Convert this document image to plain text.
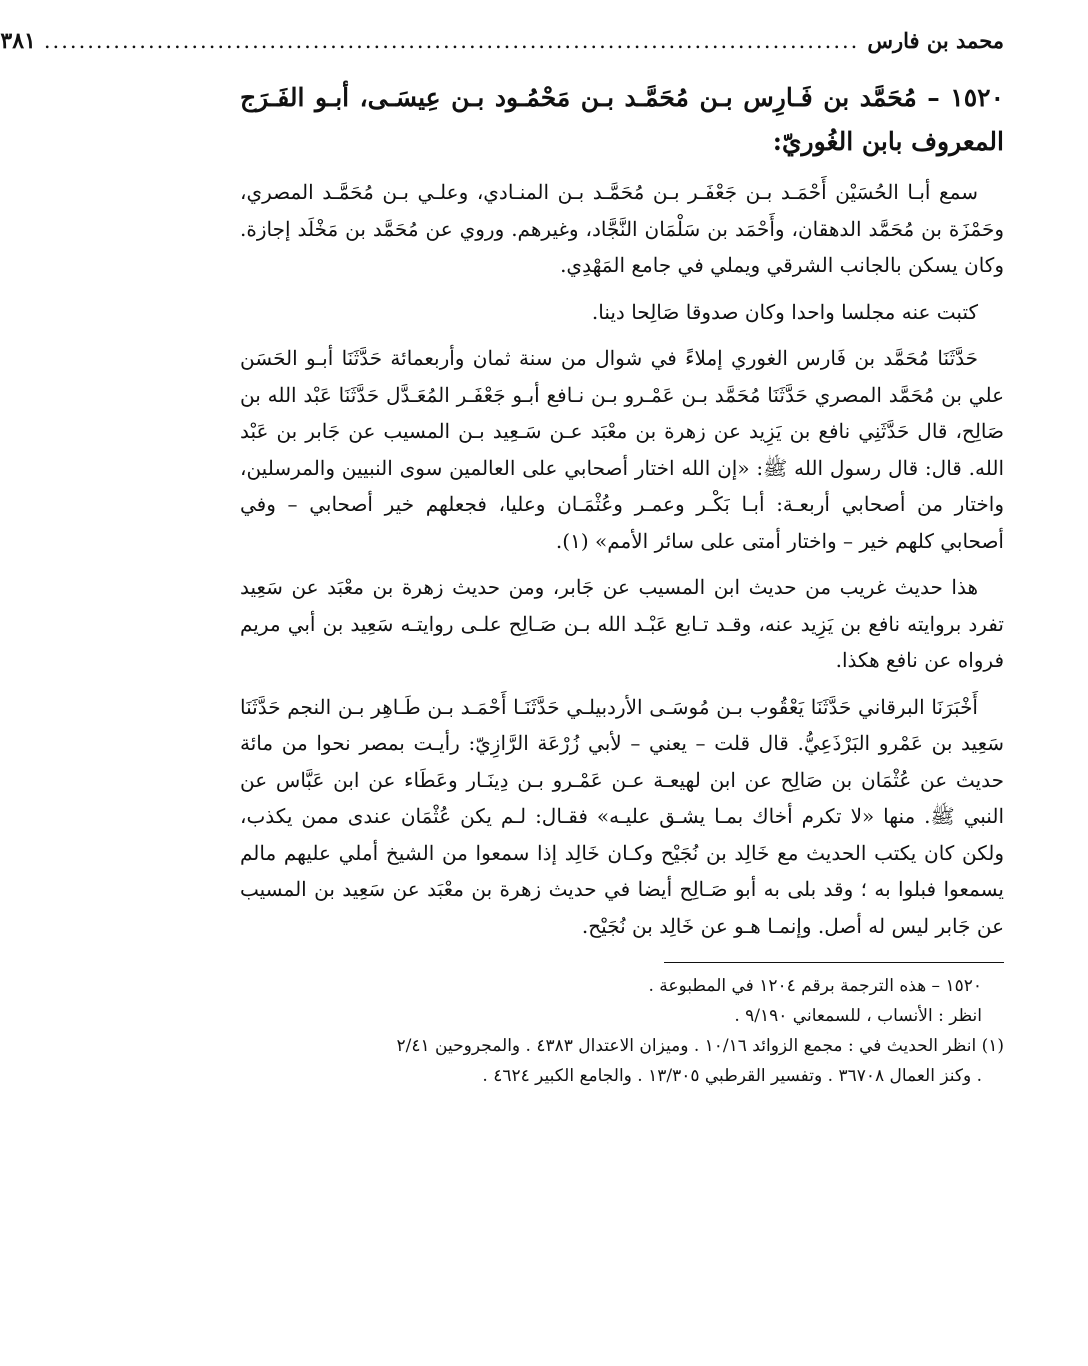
محمد بن فارس
..............................................................................................
٣٨١
١٥٢٠ – مُحَمَّد بن فَـارِس بـن مُحَمَّـد بـن مَحْمُـود بـن عِيسَـى، أبـو الفَـرَج المعروف بابن الغُوريّ:

سمع أبـا الحُسَيْن أَحْمَـد بـن جَعْفَـر بـن مُحَمَّـد بـن المنـادي، وعلـي بـن مُحَمَّـد المصري، وحَمْزَة بن مُحَمَّد الدهقان، وأَحْمَد بن سَلْمَان النَّجَّاد، وغيرهم. وروي عن مُحَمَّد بن مَخْلَد إجازة. وكان يسكن بالجانب الشرقي ويملي في جامع المَهْدِي.

كتبت عنه مجلسا واحدا وكان صدوقا صَالِحا دينا.

حَدَّثَنَا مُحَمَّد بن فَارس الغوري إملاءً في شوال من سنة ثمان وأربعمائة حَدَّثَنَا أبـو الحَسَن علي بن مُحَمَّد المصري حَدَّثَنَا مُحَمَّد بـن عَمْـرو بـن نـافع أبـو جَعْفَـر المُعَـدَّل حَدَّثَنَا عَبْد الله بن صَالِح، قال حَدَّثَنِي نافع بن يَزِيد عن زهرة بن معْبَد عـن سَـعِيد بـن المسيب عن جَابر بن عَبْد الله. قال: قال رسول الله ﷺ: «إن الله اختار أصحابي على العالمين سوى النبيين والمرسلين، واختار من أصحابي أربعـة: أبـا بَكْـر وعمـر وعُثْمَـان وعليا، فجعلهم خير أصحابي – وفي أصحابي كلهم خير – واختار أمتى على سائر الأمم» (١).

هذا حديث غريب من حديث ابن المسيب عن جَابر، ومن حديث زهرة بن معْبَد عن سَعِيد تفرد بروايته نافع بن يَزِيد عنه، وقـد تـابع عَبْـد الله بـن صَـالِح علـى روايتـه سَعِيد بن أبي مريم فرواه عن نافع هكذا.

أَخْبَرَنَا البرقاني حَدَّثَنَا يَعْقُوب بـن مُوسَـى الأردبيلـي حَدَّثَنَـا أَحْمَـد بـن طَـاهِر بـن النجم حَدَّثَنَا سَعِيد بن عَمْرو البَرْذَعِيُّ. قال قلت – يعني – لأبي زُرْعَة الرَّازِيّ: رأيـت بمصر نحوا من مائة حديث عن عُثْمَان بن صَالِح عن ابن لهيعـة عـن عَمْـرو بـن دِينَـار وعَطَاء عن ابن عَبَّاس عن النبي ﷺ. منها «لا تكرم أخاك بمـا يشـق عليـه» فقـال: لـم يكن عُثْمَان عندى ممن يكذب، ولكن كان يكتب الحديث مع خَالِد بن نُجَيْح وكـان خَالِد إذا سمعوا من الشيخ أملي عليهم مالم يسمعوا فبلوا به ؛ وقد بلى به أبو صَـالِح أيضا في حديث زهرة بن معْبَد عن سَعِيد بن المسيب عن جَابر ليس له أصل. وإنمـا هـو عن خَالِد بن نُجَيْح.

١٥٢٠ – هذه الترجمة برقم ١٢٠٤ في المطبوعة .

انظر : الأنساب ، للسمعاني ٩/١٩٠ .

(١) انظر الحديث في : مجمع الزوائد ١٠/١٦ . وميزان الاعتدال ٤٣٨٣ . والمجروحين ٢/٤١

. وكنز العمال ٣٦٧٠٨ . وتفسير القرطبي ١٣/٣٠٥ . والجامع الكبير ٤٦٢٤ .
